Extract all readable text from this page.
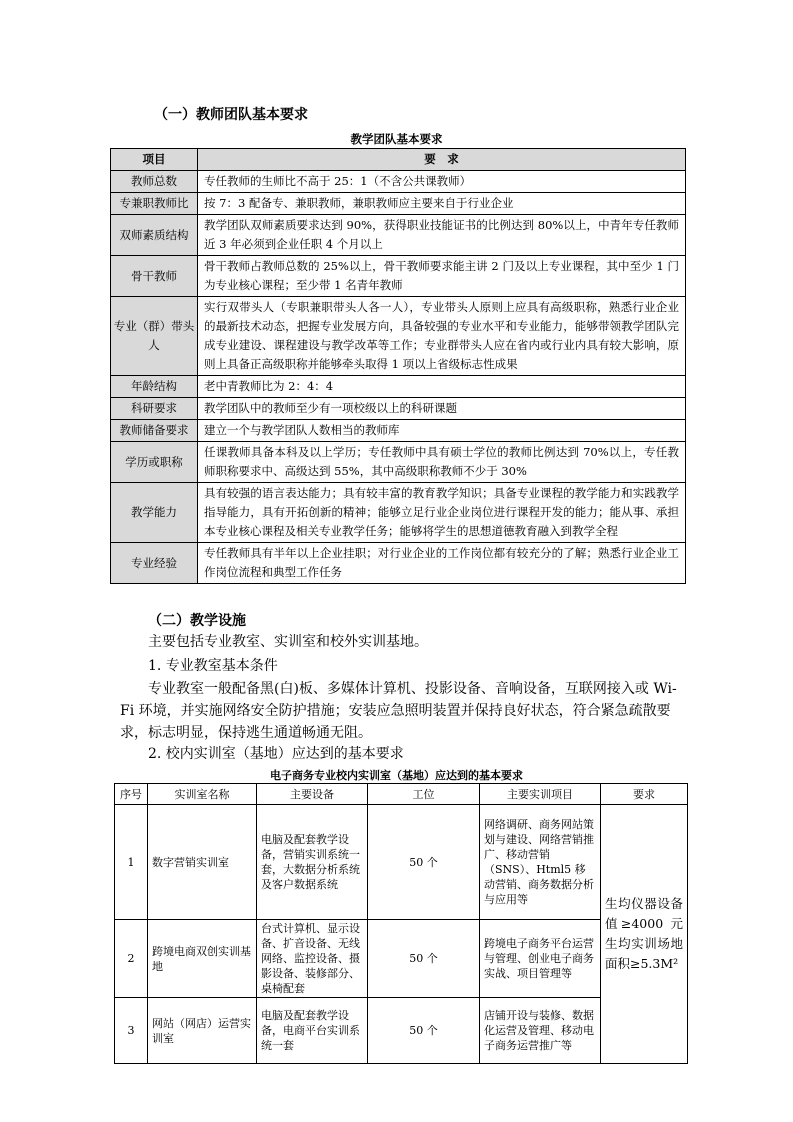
（一）教师团队基本要求
教学团队基本要求
项目	要　求
教师总数	专任教师的生师比不高于 25：1（不含公共课教师）
专兼职教师比	按 7：3 配备专、兼职教师，兼职教师应主要来自于行业企业
双师素质结构	教学团队双师素质要求达到 90%，获得职业技能证书的比例达到 80%以上，中青年专任教师近 3 年必须到企业任职 4 个月以上
骨干教师	骨干教师占教师总数的 25%以上，骨干教师要求能主讲 2 门及以上专业课程，其中至少 1 门为专业核心课程；至少带 1 名青年教师
专业（群）带头人	实行双带头人（专职兼职带头人各一人），专业带头人原则上应具有高级职称，熟悉行业企业的最新技术动态，把握专业发展方向，具备较强的专业水平和专业能力，能够带领教学团队完成专业建设、课程建设与教学改革等工作；专业群带头人应在省内或行业内具有较大影响，原则上具备正高级职称并能够牵头取得 1 项以上省级标志性成果
年龄结构	老中青教师比为 2：4：4
科研要求	教学团队中的教师至少有一项校级以上的科研课题
教师储备要求	建立一个与教学团队人数相当的教师库
学历或职称	任课教师具备本科及以上学历；专任教师中具有硕士学位的教师比例达到 70%以上，专任教师职称要求中、高级达到 55%，其中高级职称教师不少于 30%
教学能力	具有较强的语言表达能力；具有较丰富的教育教学知识；具备专业课程的教学能力和实践教学指导能力，具有开拓创新的精神；能够立足行业企业岗位进行课程开发的能力；能从事、承担本专业核心课程及相关专业教学任务；能够将学生的思想道德教育融入到教学全程
专业经验	专任教师具有半年以上企业挂职；对行业企业的工作岗位都有较充分的了解；熟悉行业企业工作岗位流程和典型工作任务
（二）教学设施
主要包括专业教室、实训室和校外实训基地。
1. 专业教室基本条件
专业教室一般配备黑(白)板、多媒体计算机、投影设备、音响设备，互联网接入或 Wi-Fi 环境，并实施网络安全防护措施；安装应急照明装置并保持良好状态，符合紧急疏散要求，标志明显，保持逃生通道畅通无阻。
2. 校内实训室（基地）应达到的基本要求
电子商务专业校内实训室（基地）应达到的基本要求
序号	实训室名称	主要设备	工位	主要实训项目	要求
1	数字营销实训室	电脑及配套教学设备，营销实训系统一套，大数据分析系统及客户数据系统	50 个	网络调研、商务网站策划与建设、网络营销推广、移动营销（SNS）、Html5 移动营销、商务数据分析与应用等	生均仪器设备值≥4000 元　生均实训场地面积≥5.3M²
2	跨境电商双创实训基地	台式计算机、显示设备、扩音设备、无线网络、监控设备、摄影设备、装修部分、桌椅配套	50 个	跨境电子商务平台运营与管理、创业电子商务实战、项目管理等	
3	网站（网店）运营实训室	电脑及配套教学设备，电商平台实训系统一套	50 个	店铺开设与装修、数据化运营及管理、移动电子商务运营推广等	
